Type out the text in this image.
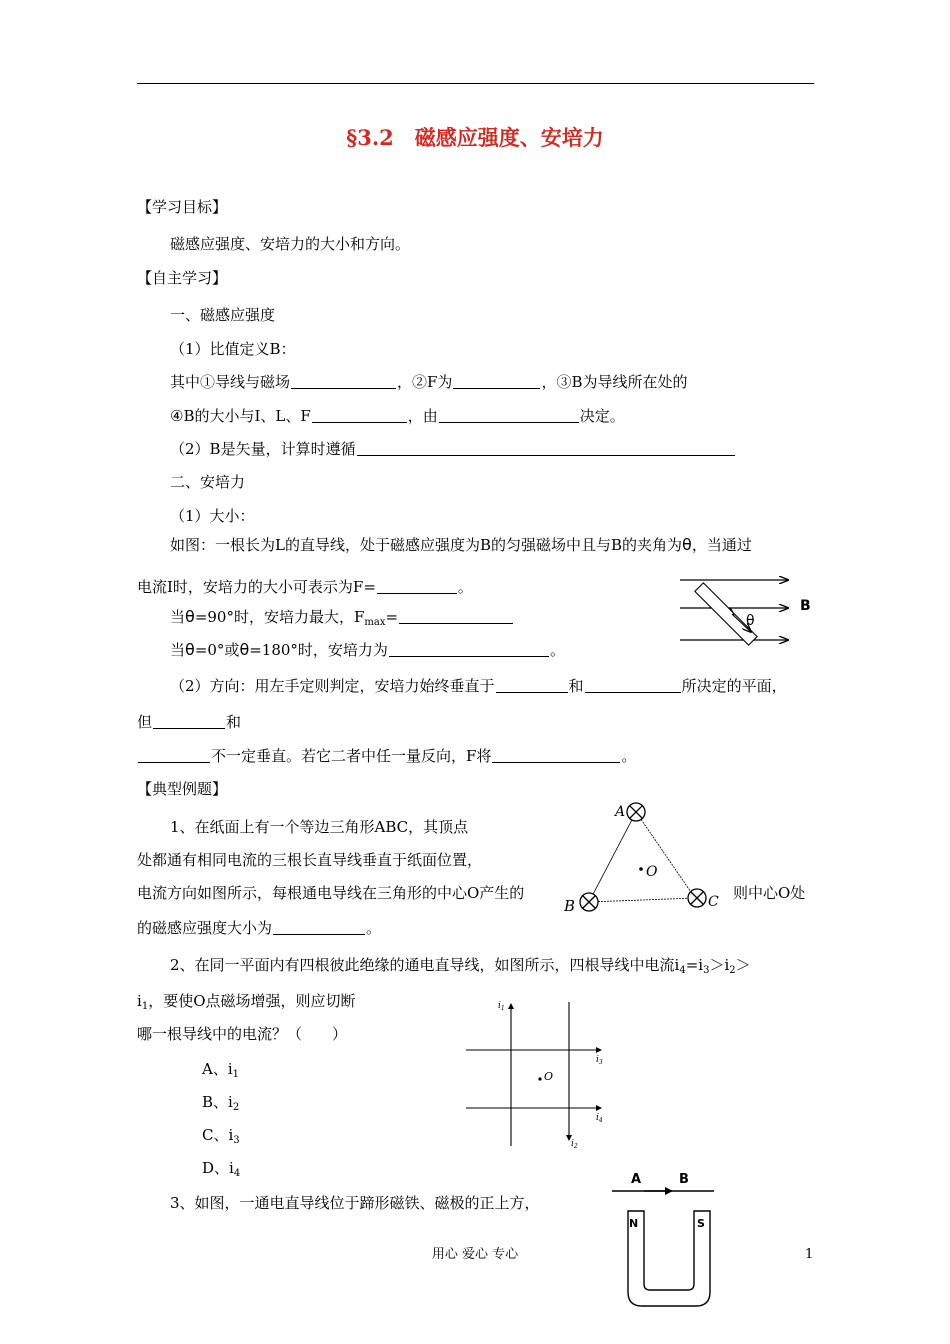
§3.2　磁感应强度、安培力
【学习目标】
磁感应强度、安培力的大小和方向。
【自主学习】
一、磁感应强度
（1）比值定义B：
其中①导线与磁场	，②F为	，③B为导线所在处的
④B的大小与I、L、F	，由	决定。
（2）B是矢量，计算时遵循
二、安培力
（1）大小：
如图：一根长为L的直导线，处于磁感应强度为B的匀强磁场中且与B的夹角为θ，当通过
电流I时，安培力的大小可表示为F=	。
当θ=90°时，安培力最大，$F_{max}=$
当θ=0°或θ=180°时，安培力为	。
（2）方向：用左手定则判定，安培力始终垂直于	和	所决定的平面，
但	和
不一定垂直。若它二者中任一量反向，F将	。
θ
B
【典型例题】
1、在纸面上有一个等边三角形ABC，其顶点
处都通有相同电流的三根长直导线垂直于纸面位置，
电流方向如图所示，每根通电导线在三角形的中心O产生的	则中心O处
的磁感应强度大小为	。
A
B	C
O
2、在同一平面内有四根彼此绝缘的通电直导线，如图所示，四根导线中电流$i_4=i_3>i_2>$
$i_1$，要使O点磁场增强，则应切断
哪一根导线中的电流？（　　）
A、$i_1$
B、$i_2$
C、$i_3$
D、$i_4$
O
$i_1$
$i_2$
$i_3$
$i_4$
3、如图，一通电直导线位于蹄形磁铁、磁极的正上方，
A	B
N	S
用心 爱心 专心	1
